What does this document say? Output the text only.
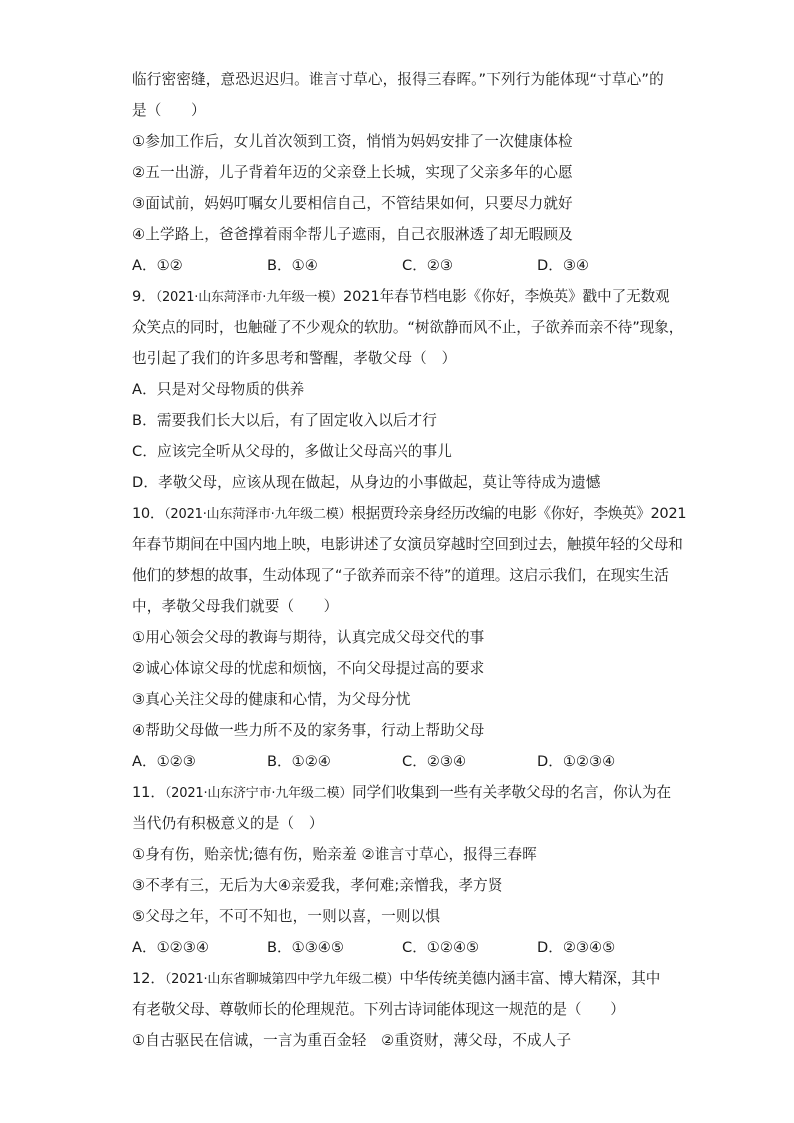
临行密密缝，意恐迟迟归。谁言寸草心，报得三春晖。”下列行为能体现“寸草心”的
是（　　）
①参加工作后，女儿首次领到工资，悄悄为妈妈安排了一次健康体检
②五一出游，儿子背着年迈的父亲登上长城，实现了父亲多年的心愿
③面试前，妈妈叮嘱女儿要相信自己，不管结果如何，只要尽力就好
④上学路上，爸爸撑着雨伞帮儿子遮雨，自己衣服淋透了却无暇顾及
A．①②	B．①④	C．②③	D．③④
9．（2021·山东菏泽市·九年级一模）2021年春节档电影《你好，李焕英》戳中了无数观
众笑点的同时，也触碰了不少观众的软肋。“树欲静而风不止，子欲养而亲不待”现象，
也引起了我们的许多思考和警醒，孝敬父母（　）
A．只是对父母物质的供养
B．需要我们长大以后，有了固定收入以后才行
C．应该完全听从父母的，多做让父母高兴的事儿
D．孝敬父母，应该从现在做起，从身边的小事做起，莫让等待成为遗憾
10．（2021·山东菏泽市·九年级二模）根据贾玲亲身经历改编的电影《你好，李焕英》2021
年春节期间在中国内地上映，电影讲述了女演员穿越时空回到过去，触摸年轻的父母和
他们的梦想的故事，生动体现了“子欲养而亲不待”的道理。这启示我们，在现实生活
中，孝敬父母我们就要（　　）
①用心领会父母的教诲与期待，认真完成父母交代的事
②诚心体谅父母的忧虑和烦恼，不向父母提过高的要求
③真心关注父母的健康和心情，为父母分忧
④帮助父母做一些力所不及的家务事，行动上帮助父母
A．①②③	B．①②④	C．②③④	D．①②③④
11．（2021·山东济宁市·九年级二模）同学们收集到一些有关孝敬父母的名言，你认为在
当代仍有积极意义的是（　）
①身有伤，贻亲忧;德有伤，贻亲羞 ②谁言寸草心，报得三春晖
③不孝有三，无后为大④亲爱我，孝何难;亲憎我，孝方贤
⑤父母之年，不可不知也，一则以喜，一则以惧
A．①②③④	B．①③④⑤	C．①②④⑤	D．②③④⑤
12．（2021·山东省聊城第四中学九年级二模）中华传统美德内涵丰富、博大精深，其中
有老敬父母、尊敬师长的伦理规范。下列古诗词能体现这一规范的是（　　）
①自古驱民在信诚，一言为重百金轻　②重资财，薄父母，不成人子
